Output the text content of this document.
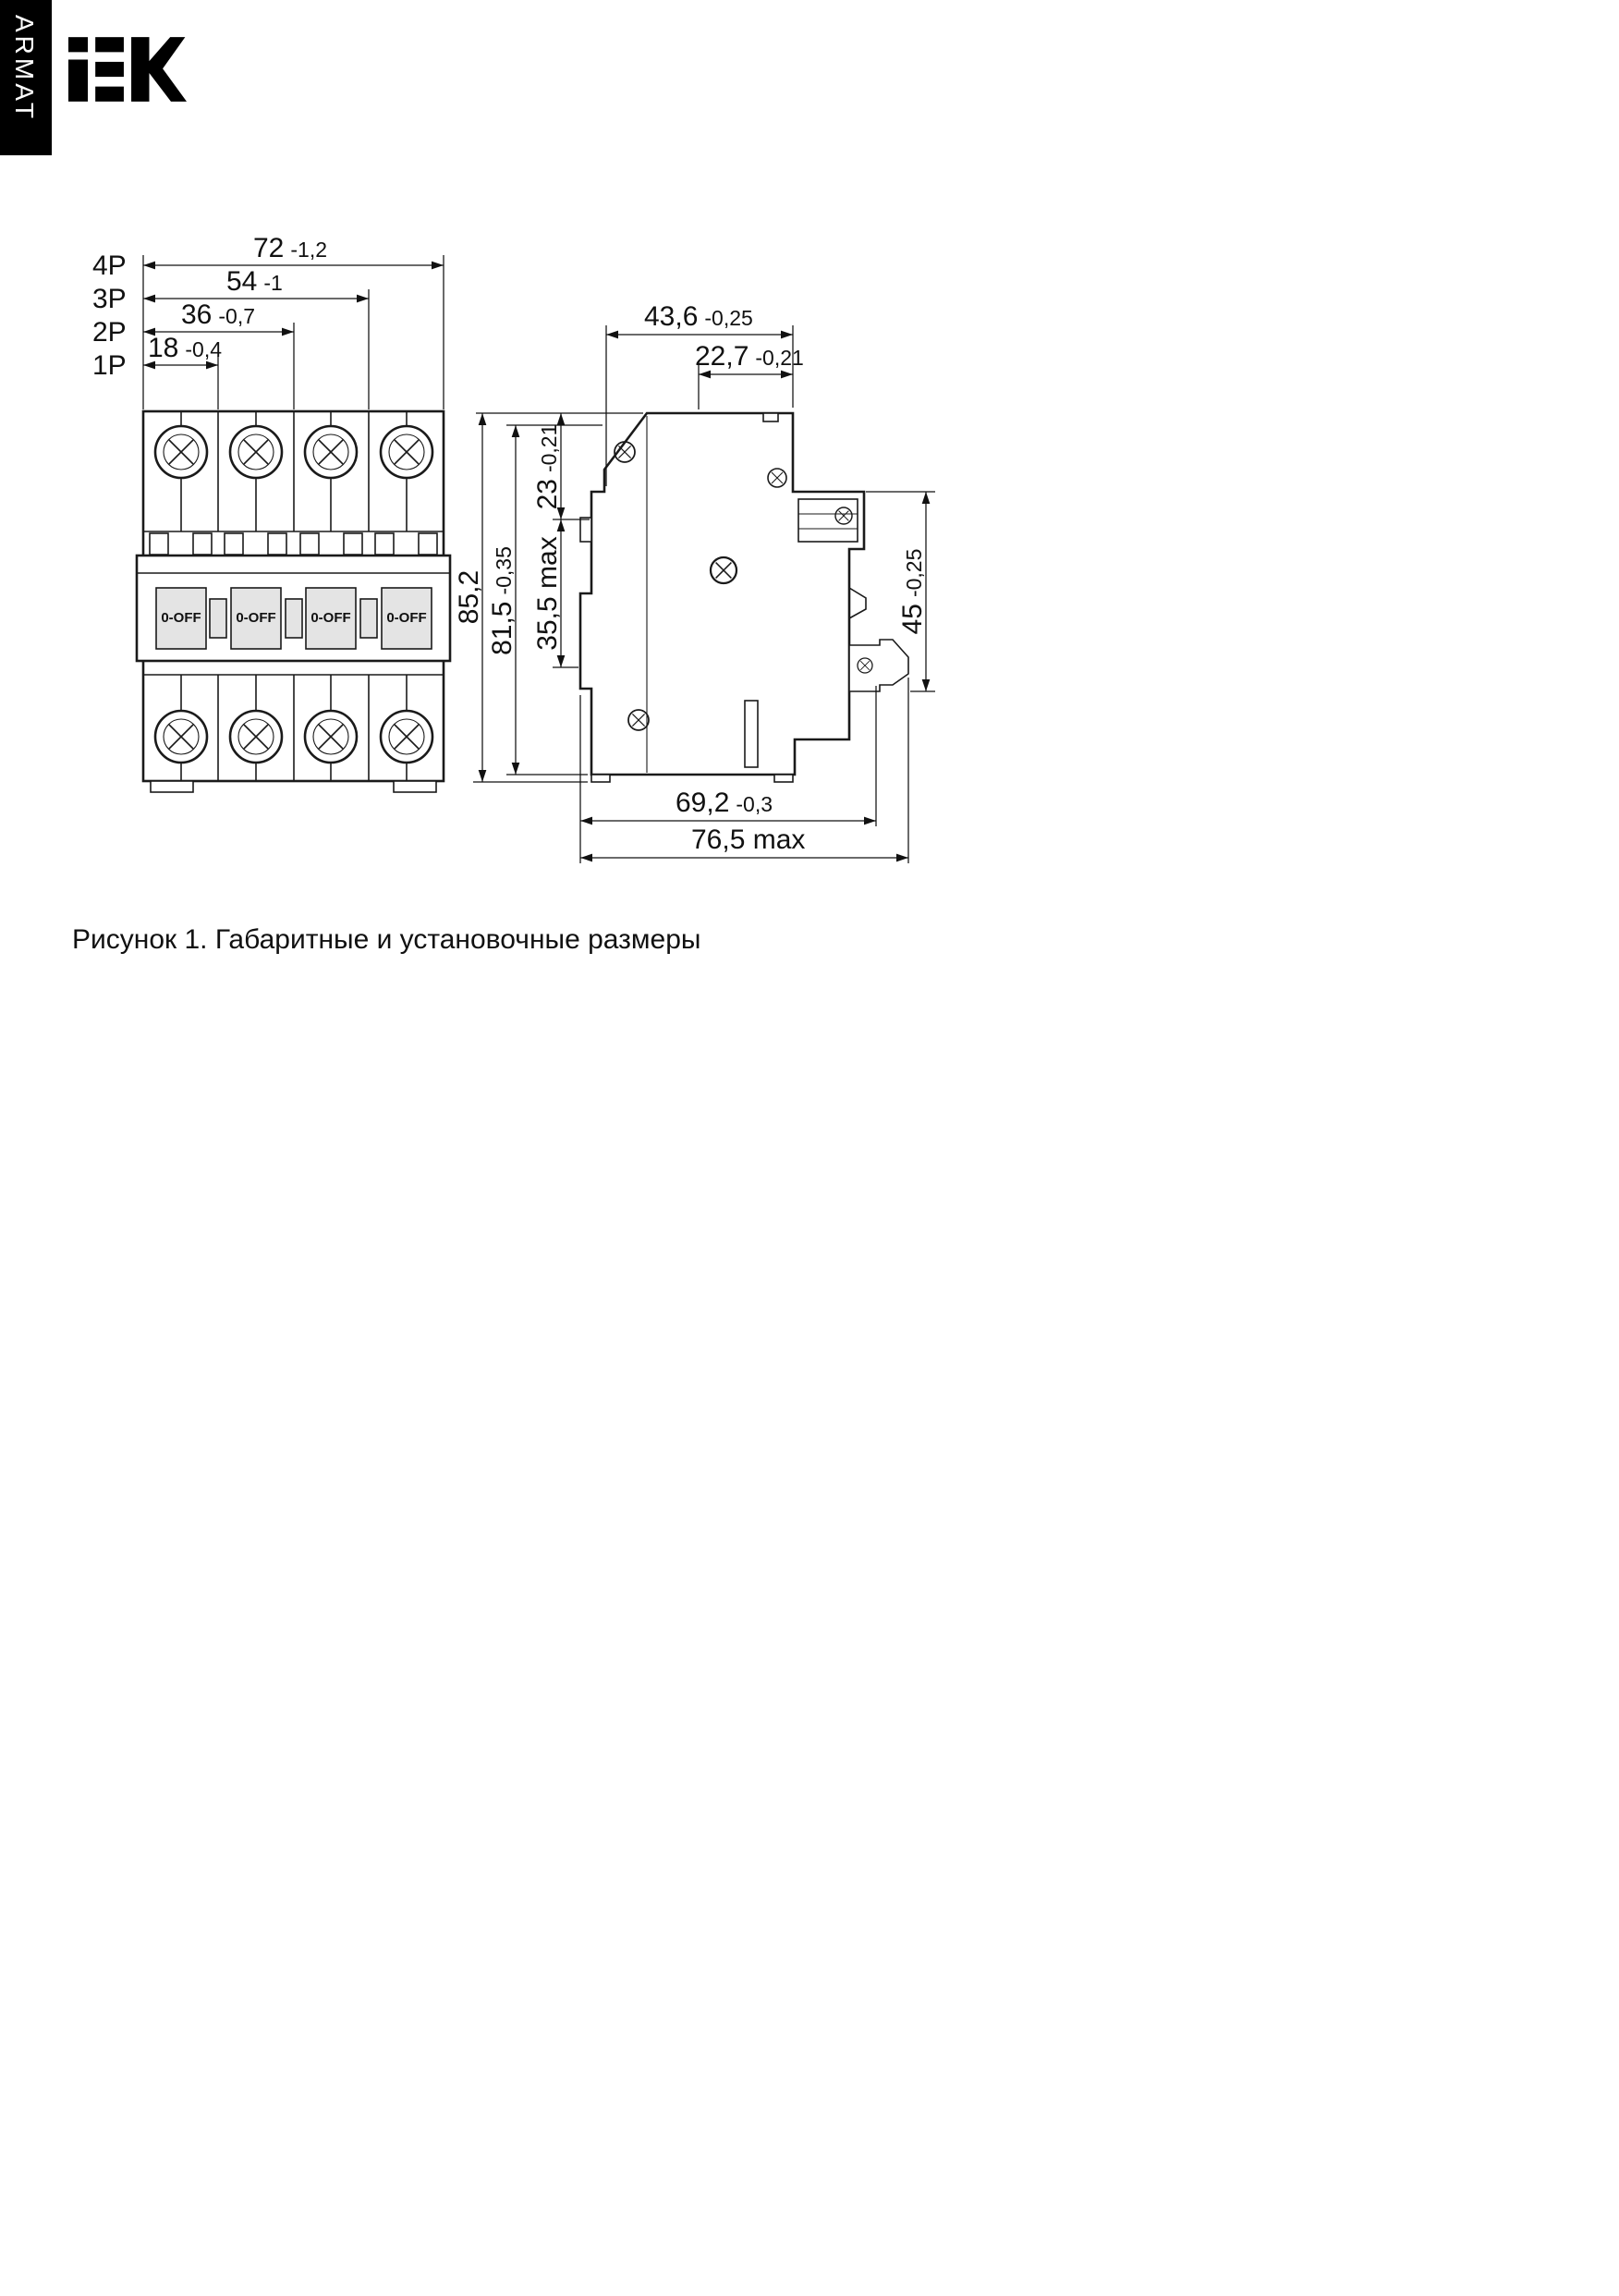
ARMAT
0-OFF	0-OFF	0-OFF	0-OFF
4P
72 -1,2
3P
54 -1
2P
36 -0,7
1P
18 -0,4
43,6 -0,25
22,7 -0,21
23-0,21
35,5 max
81,5-0,35
85,2	45-0,25
69,2 -0,3
76,5 max
Рисунок 1. Габаритные и установочные размеры
